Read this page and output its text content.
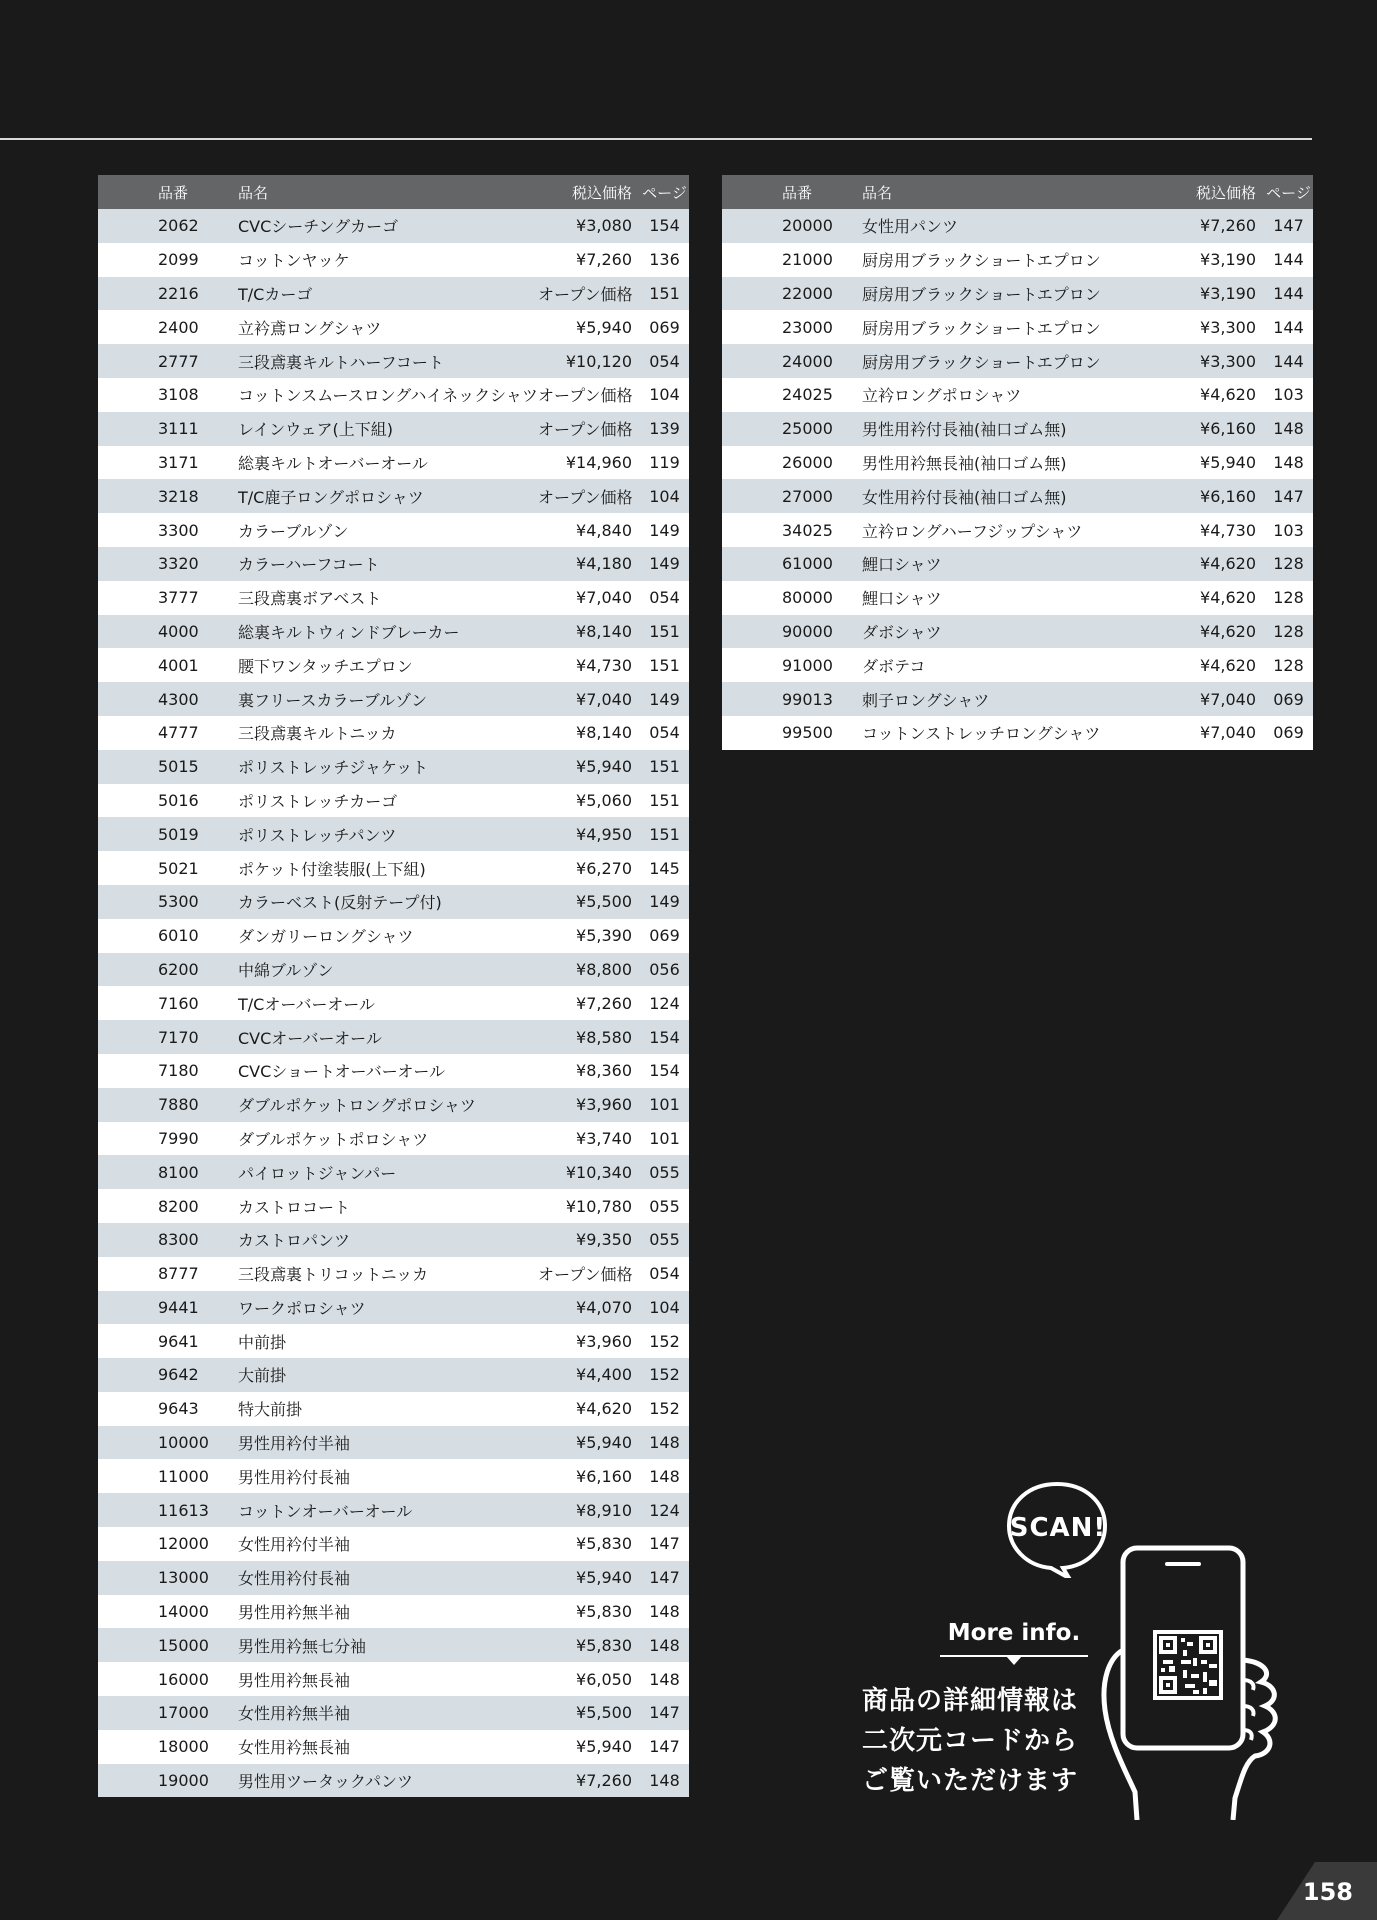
品番	品名	税込価格	ページ
2062	CVCシーチングカーゴ	¥3,080	154
2099	コットンヤッケ	¥7,260	136
2216	T/Cカーゴ	オープン価格	151
2400	立衿鳶ロングシャツ	¥5,940	069
2777	三段鳶裏キルトハーフコート	¥10,120	054
3108	コットンスムースロングハイネックシャツ	オープン価格	104
3111	レインウェア(上下組)	オープン価格	139
3171	総裏キルトオーバーオール	¥14,960	119
3218	T/C鹿子ロングポロシャツ	オープン価格	104
3300	カラーブルゾン	¥4,840	149
3320	カラーハーフコート	¥4,180	149
3777	三段鳶裏ボアベスト	¥7,040	054
4000	総裏キルトウィンドブレーカー	¥8,140	151
4001	腰下ワンタッチエプロン	¥4,730	151
4300	裏フリースカラーブルゾン	¥7,040	149
4777	三段鳶裏キルトニッカ	¥8,140	054
5015	ポリストレッチジャケット	¥5,940	151
5016	ポリストレッチカーゴ	¥5,060	151
5019	ポリストレッチパンツ	¥4,950	151
5021	ポケット付塗装服(上下組)	¥6,270	145
5300	カラーベスト(反射テープ付)	¥5,500	149
6010	ダンガリーロングシャツ	¥5,390	069
6200	中綿ブルゾン	¥8,800	056
7160	T/Cオーバーオール	¥7,260	124
7170	CVCオーバーオール	¥8,580	154
7180	CVCショートオーバーオール	¥8,360	154
7880	ダブルポケットロングポロシャツ	¥3,960	101
7990	ダブルポケットポロシャツ	¥3,740	101
8100	パイロットジャンパー	¥10,340	055
8200	カストロコート	¥10,780	055
8300	カストロパンツ	¥9,350	055
8777	三段鳶裏トリコットニッカ	オープン価格	054
9441	ワークポロシャツ	¥4,070	104
9641	中前掛	¥3,960	152
9642	大前掛	¥4,400	152
9643	特大前掛	¥4,620	152
10000	男性用衿付半袖	¥5,940	148
11000	男性用衿付長袖	¥6,160	148
11613	コットンオーバーオール	¥8,910	124
12000	女性用衿付半袖	¥5,830	147
13000	女性用衿付長袖	¥5,940	147
14000	男性用衿無半袖	¥5,830	148
15000	男性用衿無七分袖	¥5,830	148
16000	男性用衿無長袖	¥6,050	148
17000	女性用衿無半袖	¥5,500	147
18000	女性用衿無長袖	¥5,940	147
19000	男性用ツータックパンツ	¥7,260	148
品番	品名	税込価格	ページ
20000	女性用パンツ	¥7,260	147
21000	厨房用ブラックショートエプロン	¥3,190	144
22000	厨房用ブラックショートエプロン	¥3,190	144
23000	厨房用ブラックショートエプロン	¥3,300	144
24000	厨房用ブラックショートエプロン	¥3,300	144
24025	立衿ロングポロシャツ	¥4,620	103
25000	男性用衿付長袖(袖口ゴム無)	¥6,160	148
26000	男性用衿無長袖(袖口ゴム無)	¥5,940	148
27000	女性用衿付長袖(袖口ゴム無)	¥6,160	147
34025	立衿ロングハーフジップシャツ	¥4,730	103
61000	鯉口シャツ	¥4,620	128
80000	鯉口シャツ	¥4,620	128
90000	ダボシャツ	¥4,620	128
91000	ダボテコ	¥4,620	128
99013	刺子ロングシャツ	¥7,040	069
99500	コットンストレッチロングシャツ	¥7,040	069
SCAN!
More info.
商品の詳細情報は
二次元コードから
ご覧いただけます
158
